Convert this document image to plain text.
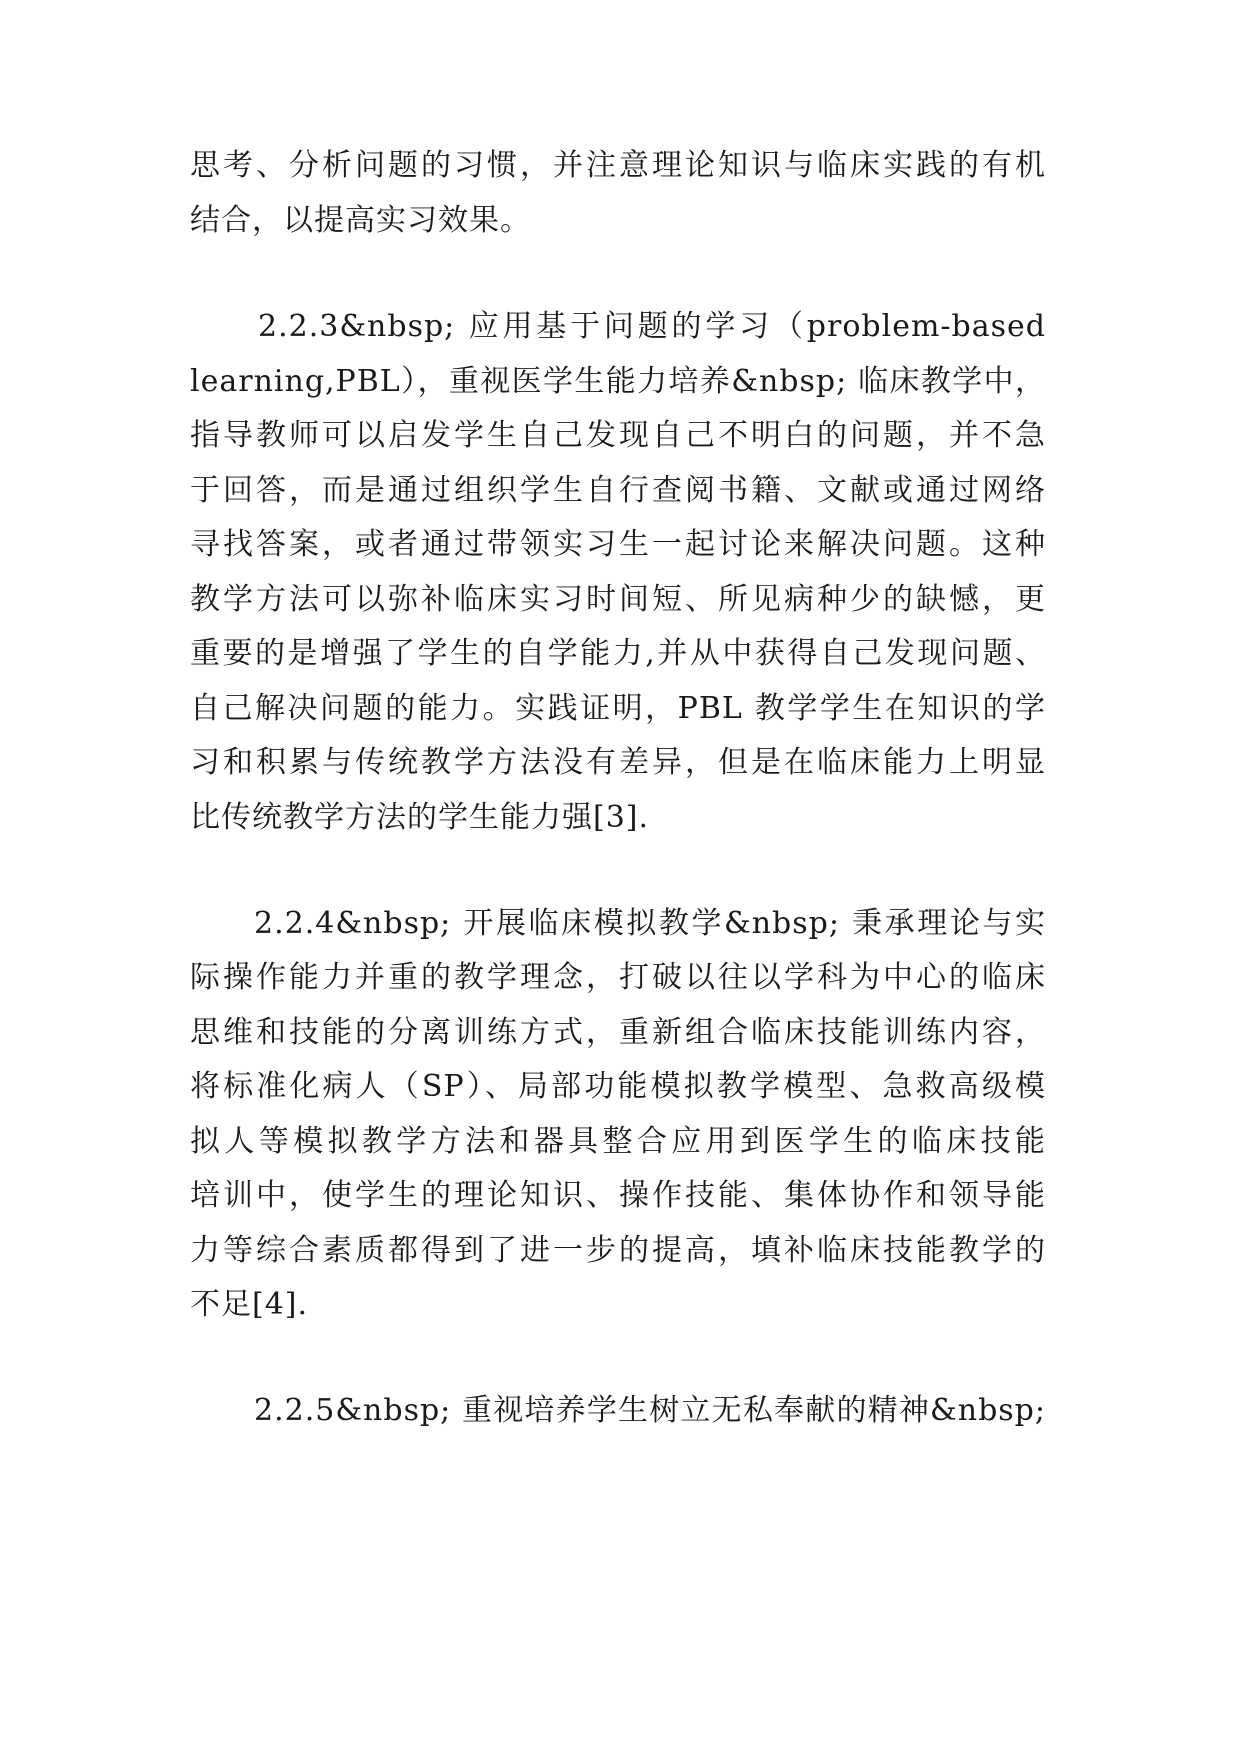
思考、分析问题的习惯，并注意理论知识与临床实践的有机
结合，以提高实习效果。
2.2.3&nbsp; 应用基于问题的学习（problem-based
learning,PBL），重视医学生能力培养&nbsp; 临床教学中，
指导教师可以启发学生自己发现自己不明白的问题，并不急
于回答，而是通过组织学生自行查阅书籍、文献或通过网络
寻找答案，或者通过带领实习生一起讨论来解决问题。这种
教学方法可以弥补临床实习时间短、所见病种少的缺憾，更
重要的是增强了学生的自学能力,并从中获得自己发现问题、
自己解决问题的能力。实践证明，PBL 教学学生在知识的学
习和积累与传统教学方法没有差异，但是在临床能力上明显
比传统教学方法的学生能力强[3].
2.2.4&nbsp; 开展临床模拟教学&nbsp; 秉承理论与实
际操作能力并重的教学理念，打破以往以学科为中心的临床
思维和技能的分离训练方式，重新组合临床技能训练内容，
将标准化病人（SP）、局部功能模拟教学模型、急救高级模
拟人等模拟教学方法和器具整合应用到医学生的临床技能
培训中，使学生的理论知识、操作技能、集体协作和领导能
力等综合素质都得到了进一步的提高，填补临床技能教学的
不足[4].
2.2.5&nbsp; 重视培养学生树立无私奉献的精神&nbsp;
